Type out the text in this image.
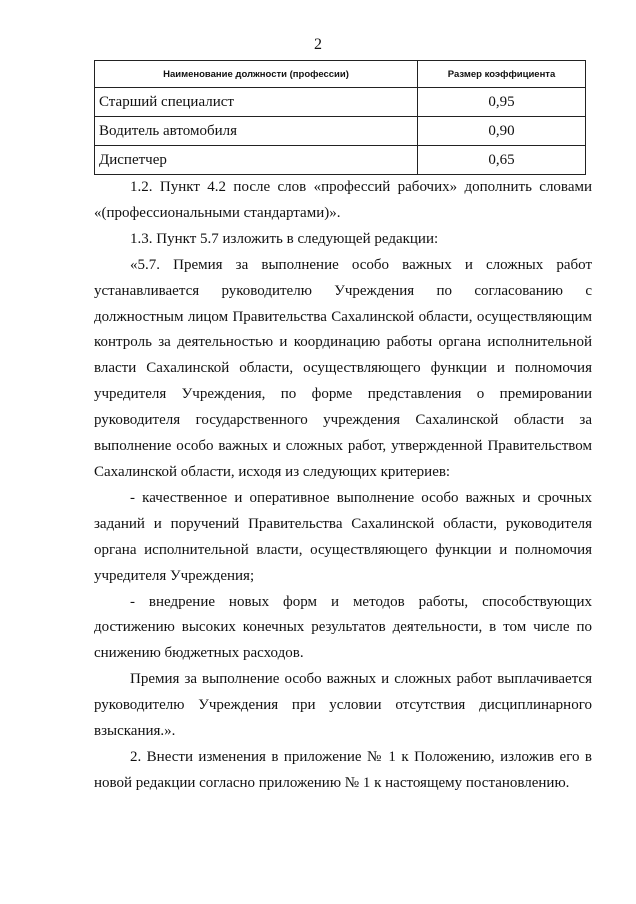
2
Наименование должности (профессии)	Размер коэффициента
Старший специалист	0,95
Водитель автомобиля	0,90
Диспетчер	0,65

1.2. Пункт 4.2 после слов «профессий рабочих» дополнить словами «(профессиональными стандартами)».

1.3. Пункт 5.7 изложить в следующей редакции:

«5.7. Премия за выполнение особо важных и сложных работ устанавливается руководителю Учреждения по согласованию с должностным лицом Правительства Сахалинской области, осуществляющим контроль за деятельностью и координацию работы органа исполнительной власти Сахалинской области, осуществляющего функции и полномочия учредителя Учреждения, по форме представления о премировании руководителя государственного учреждения Сахалинской области за выполнение особо важных и сложных работ, утвержденной Правительством Сахалинской области, исходя из следующих критериев:

- качественное и оперативное выполнение особо важных и срочных заданий и поручений Правительства Сахалинской области, руководителя органа исполнительной власти, осуществляющего функции и полномочия учредителя Учреждения;

- внедрение новых форм и методов работы, способствующих достижению высоких конечных результатов деятельности, в том числе по снижению бюджетных расходов.

Премия за выполнение особо важных и сложных работ выплачивается руководителю Учреждения при условии отсутствия дисциплинарного взыскания.».

2. Внести изменения в приложение № 1 к Положению, изложив его в новой редакции согласно приложению № 1 к настоящему постановлению.
